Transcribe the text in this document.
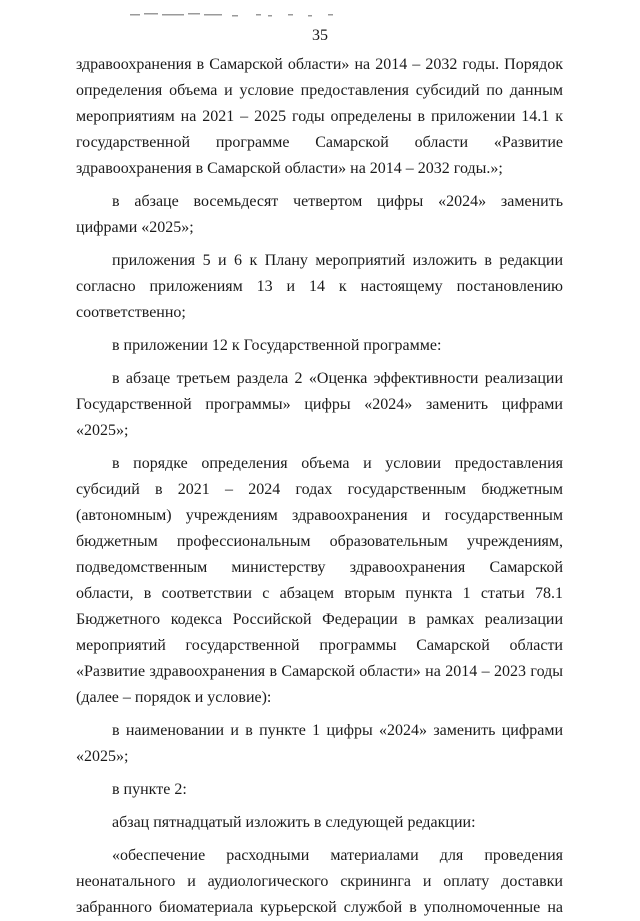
35

здравоохранения в Самарской области» на 2014 – 2032 годы. Порядок определения объема и условие предоставления субсидий по данным мероприятиям на 2021 – 2025 годы определены в приложении 14.1 к государственной программе Самарской области «Развитие здравоохранения в Самарской области» на 2014 – 2032 годы.»;

в абзаце восемьдесят четвертом цифры «2024» заменить цифрами «2025»;

приложения 5 и 6 к Плану мероприятий изложить в редакции согласно приложениям 13 и 14 к настоящему постановлению соответственно;

в приложении 12 к Государственной программе:

в абзаце третьем раздела 2 «Оценка эффективности реализации Государственной программы» цифры «2024» заменить цифрами «2025»;

в порядке определения объема и условии предоставления субсидий в 2021 – 2024 годах государственным бюджетным (автономным) учреждениям здравоохранения и государственным бюджетным профессиональным образовательным учреждениям, подведомственным министерству здравоохранения Самарской области, в соответствии с абзацем вторым пункта 1 статьи 78.1 Бюджетного кодекса Российской Федерации в рамках реализации мероприятий государственной программы Самарской области «Развитие здравоохранения в Самарской области» на 2014 – 2023 годы (далее – порядок и условие):

в наименовании и в пункте 1 цифры «2024» заменить цифрами «2025»;

в пункте 2:

абзац пятнадцатый изложить в следующей редакции:

«обеспечение расходными материалами для проведения неонатального и аудиологического скрининга и оплату доставки забранного биоматериала курьерской службой в уполномоченные на
